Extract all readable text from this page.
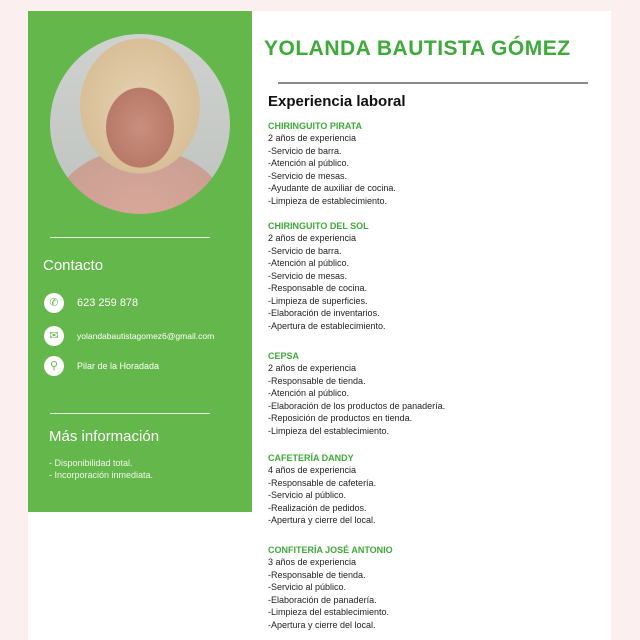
Contacto
✆	623 259 878
✉	yolandabautistagomez6@gmail.com
⚲	Pilar de la Horadada
Más información
- Disponibilidad total.
- Incorporación inmediata.
YOLANDA BAUTISTA GÓMEZ
Experiencia laboral
CHIRINGUITO PIRATA
2 años de experiencia
-Servicio de barra.
-Atención al público.
-Servicio de mesas.
-Ayudante de auxiliar de cocina.
-Limpieza de establecimiento.
CHIRINGUITO DEL SOL
2 años de experiencia
-Servicio de barra.
-Atención al público.
-Servicio de mesas.
-Responsable de cocina.
-Limpieza de superficies.
-Elaboración de inventarios.
-Apertura de establecimiento.
CEPSA
2 años de experiencia
-Responsable de tienda.
-Atención al público.
-Elaboración de los productos de panadería.
-Reposición de productos en tienda.
-Limpieza del establecimiento.
CAFETERÍA DANDY
4 años de experiencia
-Responsable de cafetería.
-Servicio al público.
-Realización de pedidos.
-Apertura y cierre del local.
CONFITERÍA JOSÉ ANTONIO
3 años de experiencia
-Responsable de tienda.
-Servicio al público.
-Elaboración de panadería.
-Limpieza del establecimiento.
-Apertura y cierre del local.
